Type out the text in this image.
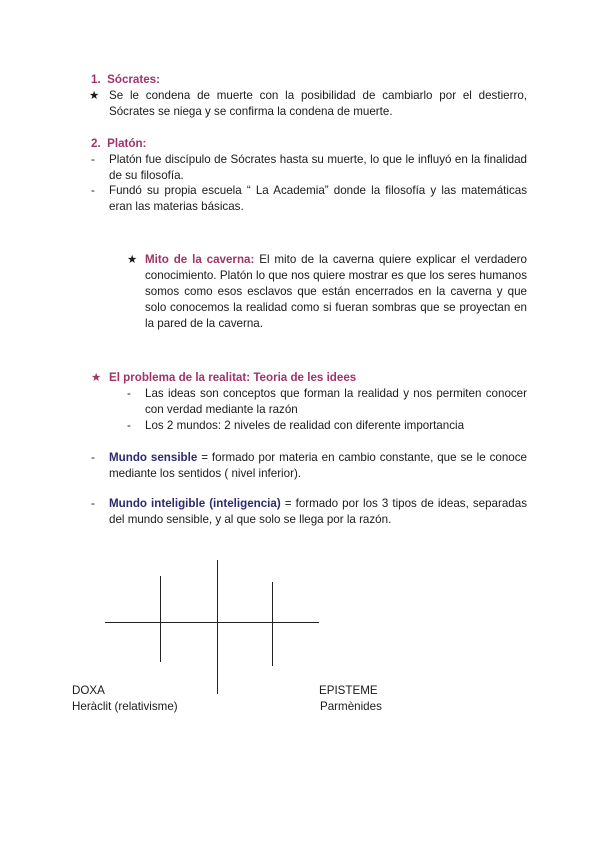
1. Sócrates:
★ Se le condena de muerte con la posibilidad de cambiarlo por el destierro, Sócrates se niega y se confirma la condena de muerte.
2. Platón:
- Platón fue discípulo de Sócrates hasta su muerte, lo que le influyó en la finalidad de su filosofía.
- Fundó su propia escuela “ La Academia” donde la filosofía y las matemáticas eran las materias básicas.
★ Mito de la caverna: El mito de la caverna quiere explicar el verdadero conocimiento. Platón lo que nos quiere mostrar es que los seres humanos somos como esos esclavos que están encerrados en la caverna y que solo conocemos la realidad como si fueran sombras que se proyectan en la pared de la caverna.
★ El problema de la realitat: Teoria de les idees
- Las ideas son conceptos que forman la realidad y nos permiten conocer con verdad mediante la razón
- Los 2 mundos: 2 niveles de realidad con diferente importancia
- Mundo sensible = formado por materia en cambio constante, que se le conoce mediante los sentidos ( nivel inferior).
- Mundo inteligible (inteligencia) = formado por los 3 tipos de ideas, separadas del mundo sensible, y al que solo se llega por la razón.
DOXA
Heràclit (relativisme)
EPISTEME
Parmènides
